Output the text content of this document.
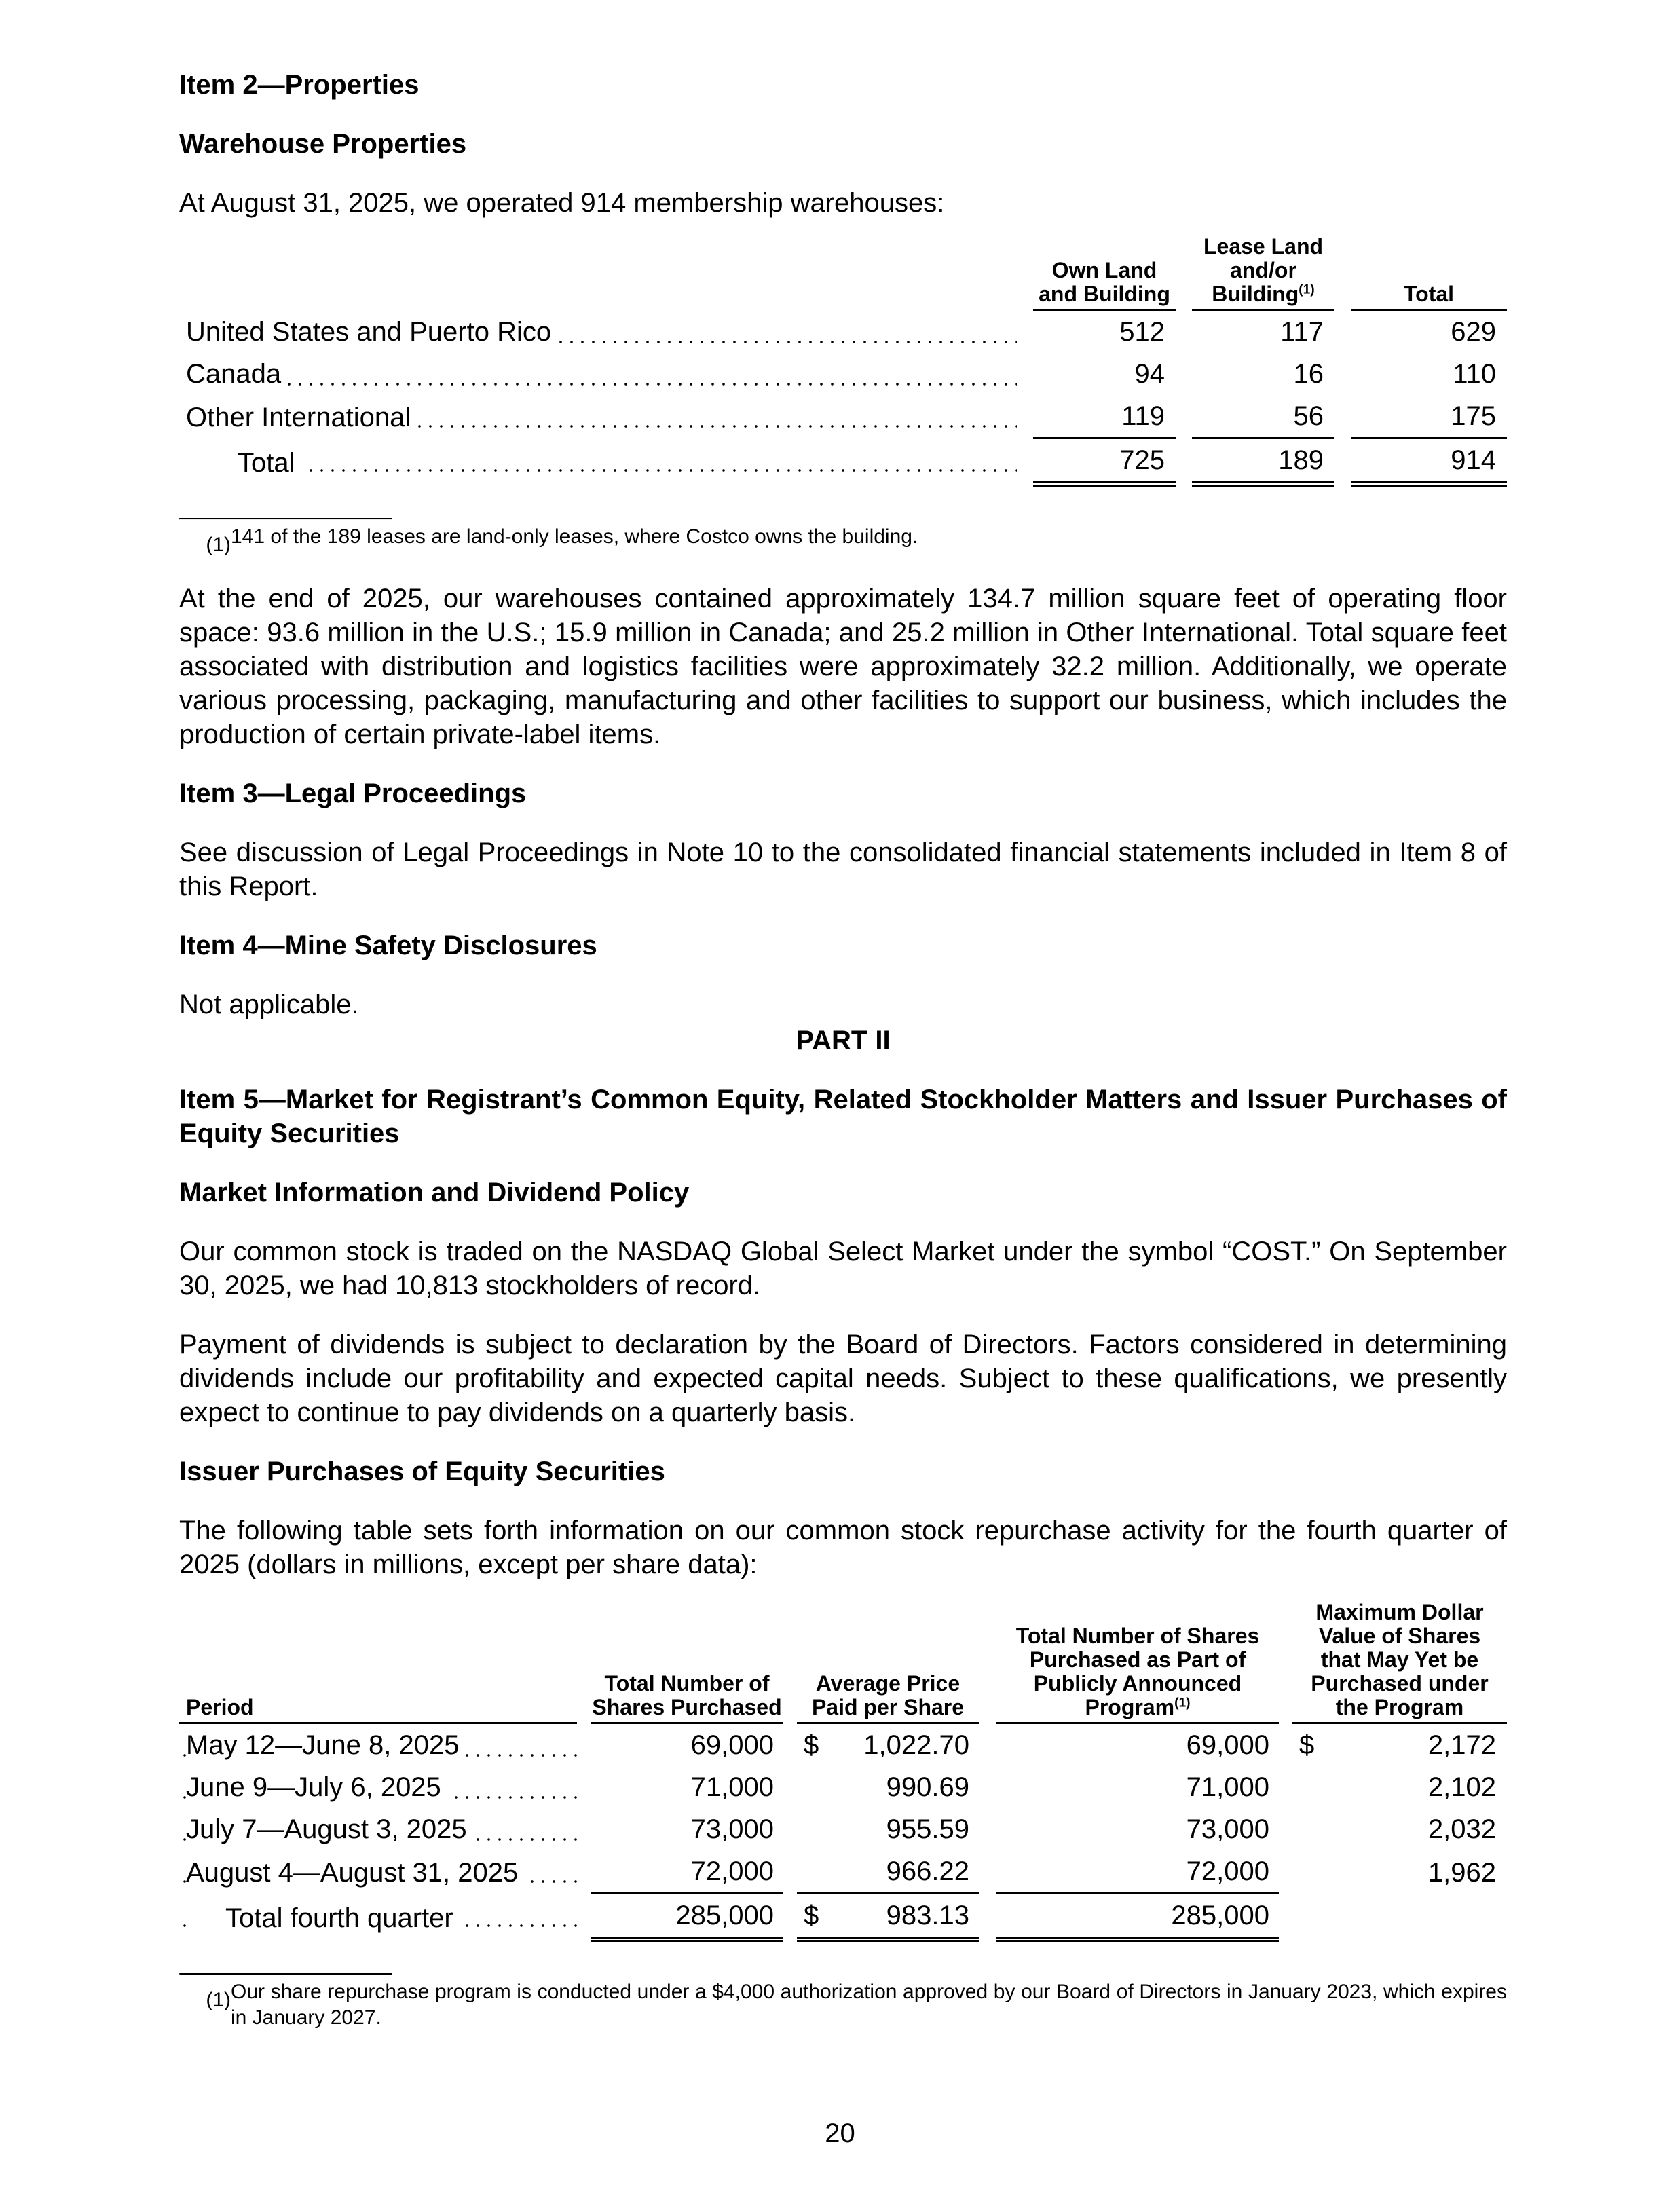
Item 2—Properties

Warehouse Properties

At August 31, 2025, we operated 914 membership warehouses:

		Own Land and Building		Lease Land and/or Building$^{(1)}$		Total
United States and Puerto Rico		512		117		629
Canada		94		16		110
Other International		119		56		175
Total		725		189		914
(1) 141 of the 189 leases are land-only leases, where Costco owns the building.

At the end of 2025, our warehouses contained approximately 134.7 million square feet of operating floor space: 93.6 million in the U.S.; 15.9 million in Canada; and 25.2 million in Other International. Total square feet associated with distribution and logistics facilities were approximately 32.2 million. Additionally, we operate various processing, packaging, manufacturing and other facilities to support our business, which includes the production of certain private-label items.

Item 3—Legal Proceedings

See discussion of Legal Proceedings in Note 10 to the consolidated financial statements included in Item 8 of this Report.

Item 4—Mine Safety Disclosures

Not applicable.

PART II

Item 5—Market for Registrant’s Common Equity, Related Stockholder Matters and Issuer Purchases of Equity Securities

Market Information and Dividend Policy

Our common stock is traded on the NASDAQ Global Select Market under the symbol “COST.” On September 30, 2025, we had 10,813 stockholders of record.

Payment of dividends is subject to declaration by the Board of Directors. Factors considered in determining dividends include our profitability and expected capital needs. Subject to these qualifications, we presently expect to continue to pay dividends on a quarterly basis.

Issuer Purchases of Equity Securities

The following table sets forth information on our common stock repurchase activity for the fourth quarter of 2025 (dollars in millions, except per share data):

Period		Total Number of Shares Purchased		Average Price Paid per Share		Total Number of Shares Purchased as Part of Publicly Announced Program$^{(1)}$		Maximum Dollar Value of Shares that May Yet be Purchased under the Program
May 12—June 8, 2025		69,000		$ 1,022.70		69,000		$ 2,172
June 9—July 6, 2025		71,000		990.69		71,000		2,102
July 7—August 3, 2025		73,000		955.59		73,000		2,032
August 4—August 31, 2025		72,000		966.22		72,000		1,962
Total fourth quarter		285,000		$ 983.13		285,000		
(1) Our share repurchase program is conducted under a $4,000 authorization approved by our Board of Directors in January 2023, which expires in January 2027.
20
